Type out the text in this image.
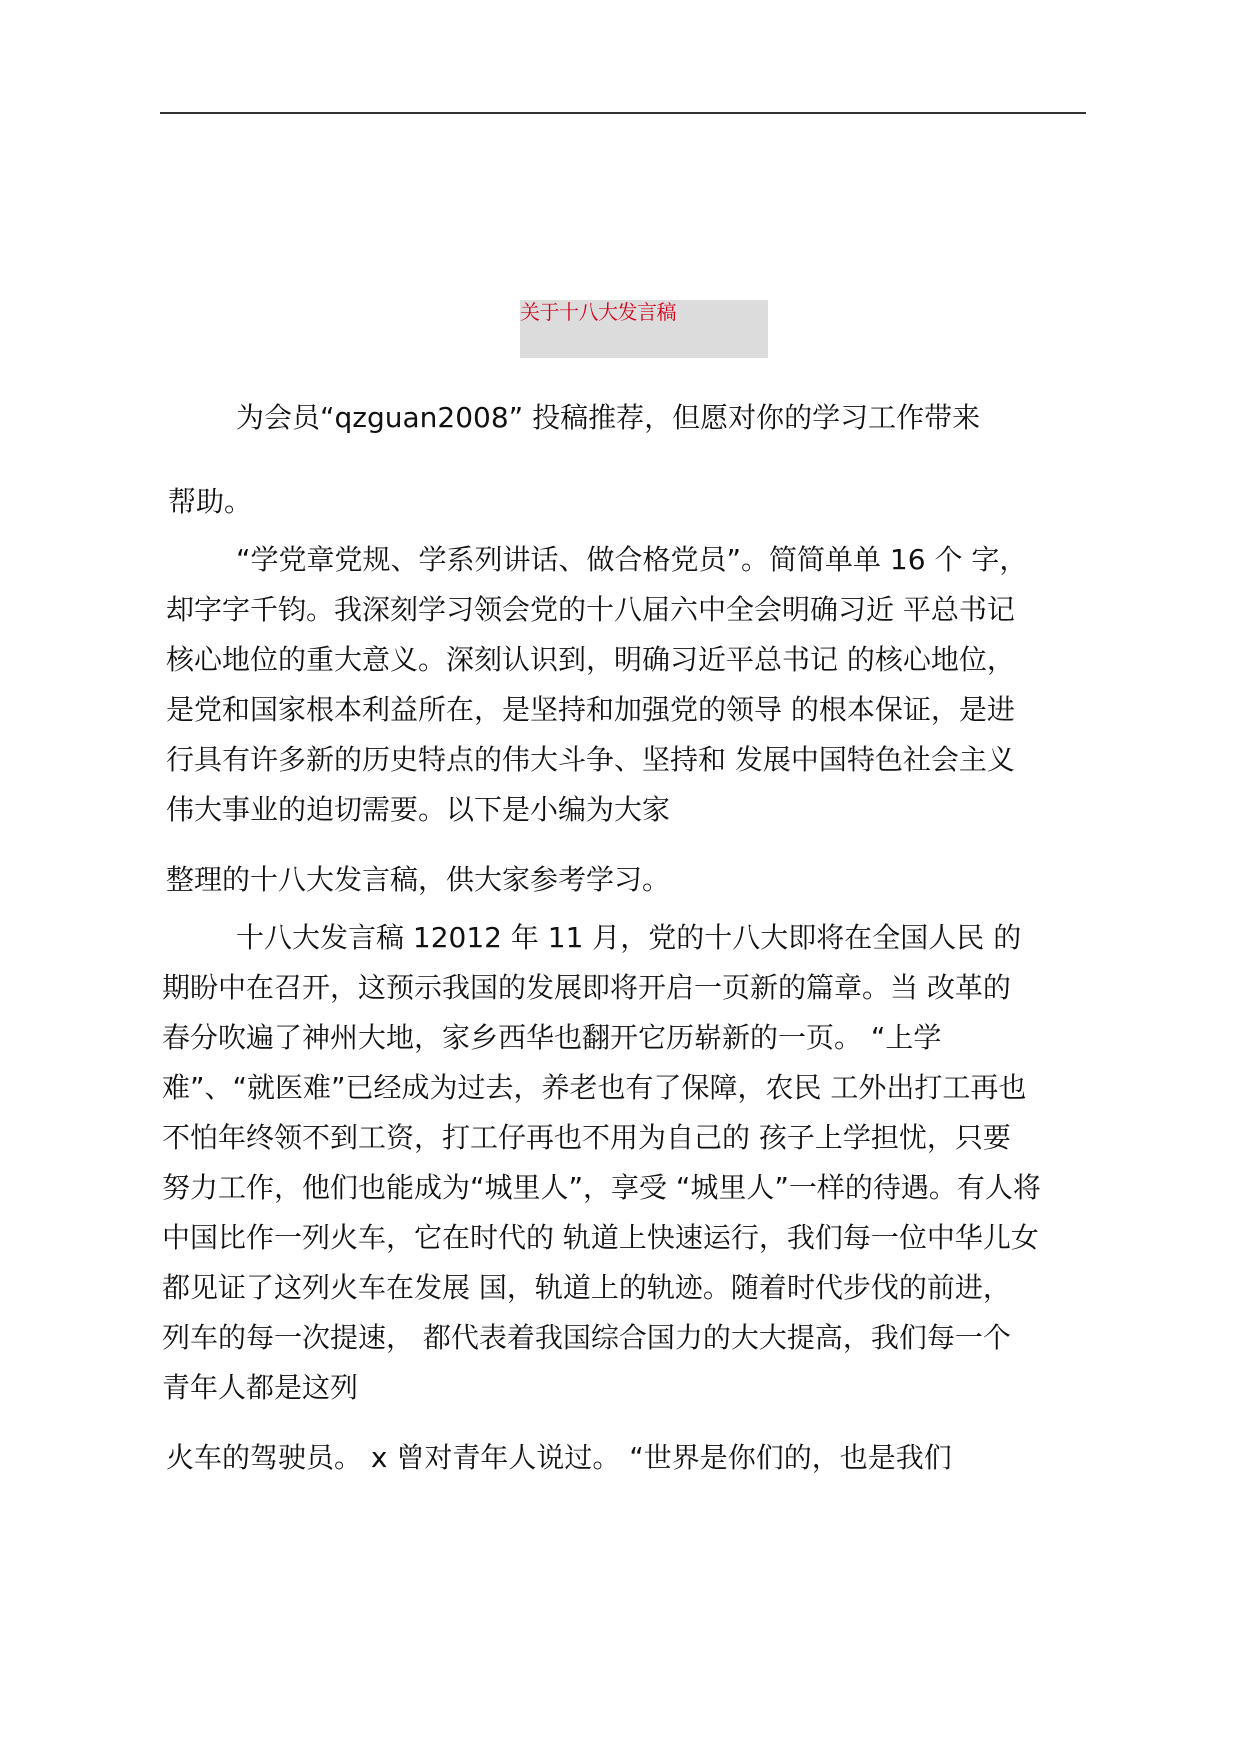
关于十八大发言稿
为会员“qzguan2008” 投稿推荐，但愿对你的学习工作带来
帮助。
“学党章党规、学系列讲话、做合格党员”。简简单单 16 个 字，
却字字千钧。我深刻学习领会党的十八届六中全会明确习近 平总书记
核心地位的重大意义。深刻认识到，明确习近平总书记 的核心地位，
是党和国家根本利益所在，是坚持和加强党的领导 的根本保证，是进
行具有许多新的历史特点的伟大斗争、坚持和 发展中国特色社会主义
伟大事业的迫切需要。以下是小编为大家
整理的十八大发言稿，供大家参考学习。
十八大发言稿 12012 年 11 月，党的十八大即将在全国人民 的
期盼中在召开，这预示我国的发展即将开启一页新的篇章。当 改革的
春分吹遍了神州大地，家乡西华也翻开它历崭新的一页。 “上学
难”、“就医难”已经成为过去，养老也有了保障，农民 工外出打工再也
不怕年终领不到工资，打工仔再也不用为自己的 孩子上学担忧，只要
努力工作，他们也能成为“城里人”，享受 “城里人”一样的待遇。有人将
中国比作一列火车，它在时代的 轨道上快速运行，我们每一位中华儿女
都见证了这列火车在发展 国，轨道上的轨迹。随着时代步伐的前进，
列车的每一次提速， 都代表着我国综合国力的大大提高，我们每一个
青年人都是这列
火车的驾驶员。 x 曾对青年人说过。 “世界是你们的，也是我们
